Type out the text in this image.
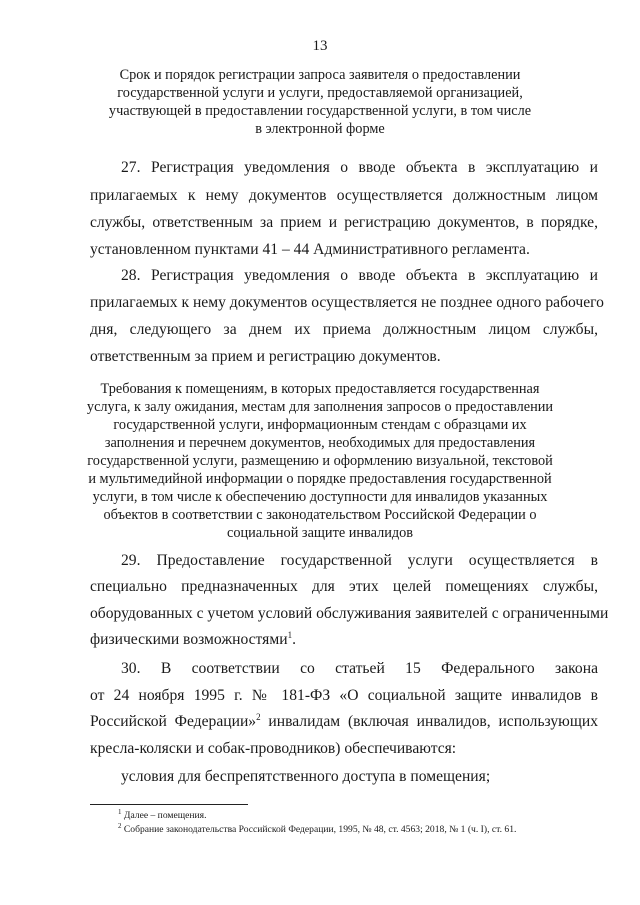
13
Срок и порядок регистрации запроса заявителя о предоставлении
государственной услуги и услуги, предоставляемой организацией,
участвующей в предоставлении государственной услуги, в том числе
в электронной форме
27. Регистрация уведомления о вводе объекта в эксплуатацию и
прилагаемых к нему документов осуществляется должностным лицом
службы, ответственным за прием и регистрацию документов, в порядке,
установленном пунктами 41 – 44 Административного регламента.
28. Регистрация уведомления о вводе объекта в эксплуатацию и
прилагаемых к нему документов осуществляется не позднее одного рабочего
дня, следующего за днем их приема должностным лицом службы,
ответственным за прием и регистрацию документов.
Требования к помещениям, в которых предоставляется государственная
услуга, к залу ожидания, местам для заполнения запросов о предоставлении
государственной услуги, информационным стендам с образцами их
заполнения и перечнем документов, необходимых для предоставления
государственной услуги, размещению и оформлению визуальной, текстовой
и мультимедийной информации о порядке предоставления государственной
услуги, в том числе к обеспечению доступности для инвалидов указанных
объектов в соответствии с законодательством Российской Федерации о
социальной защите инвалидов
29. Предоставление государственной услуги осуществляется в
специально предназначенных для этих целей помещениях службы,
оборудованных с учетом условий обслуживания заявителей с ограниченными
физическими возможностями$^1$.
30. В соответствии со статьей 15 Федерального закона
от 24 ноября 1995 г. № 181-ФЗ «О социальной защите инвалидов в
Российской Федерации»$^2$ инвалидам (включая инвалидов, использующих
кресла-коляски и собак-проводников) обеспечиваются:
условия для беспрепятственного доступа в помещения;
$^1$ Далее – помещения.
$^2$ Собрание законодательства Российской Федерации, 1995, № 48, ст. 4563; 2018, № 1 (ч. I), ст. 61.
